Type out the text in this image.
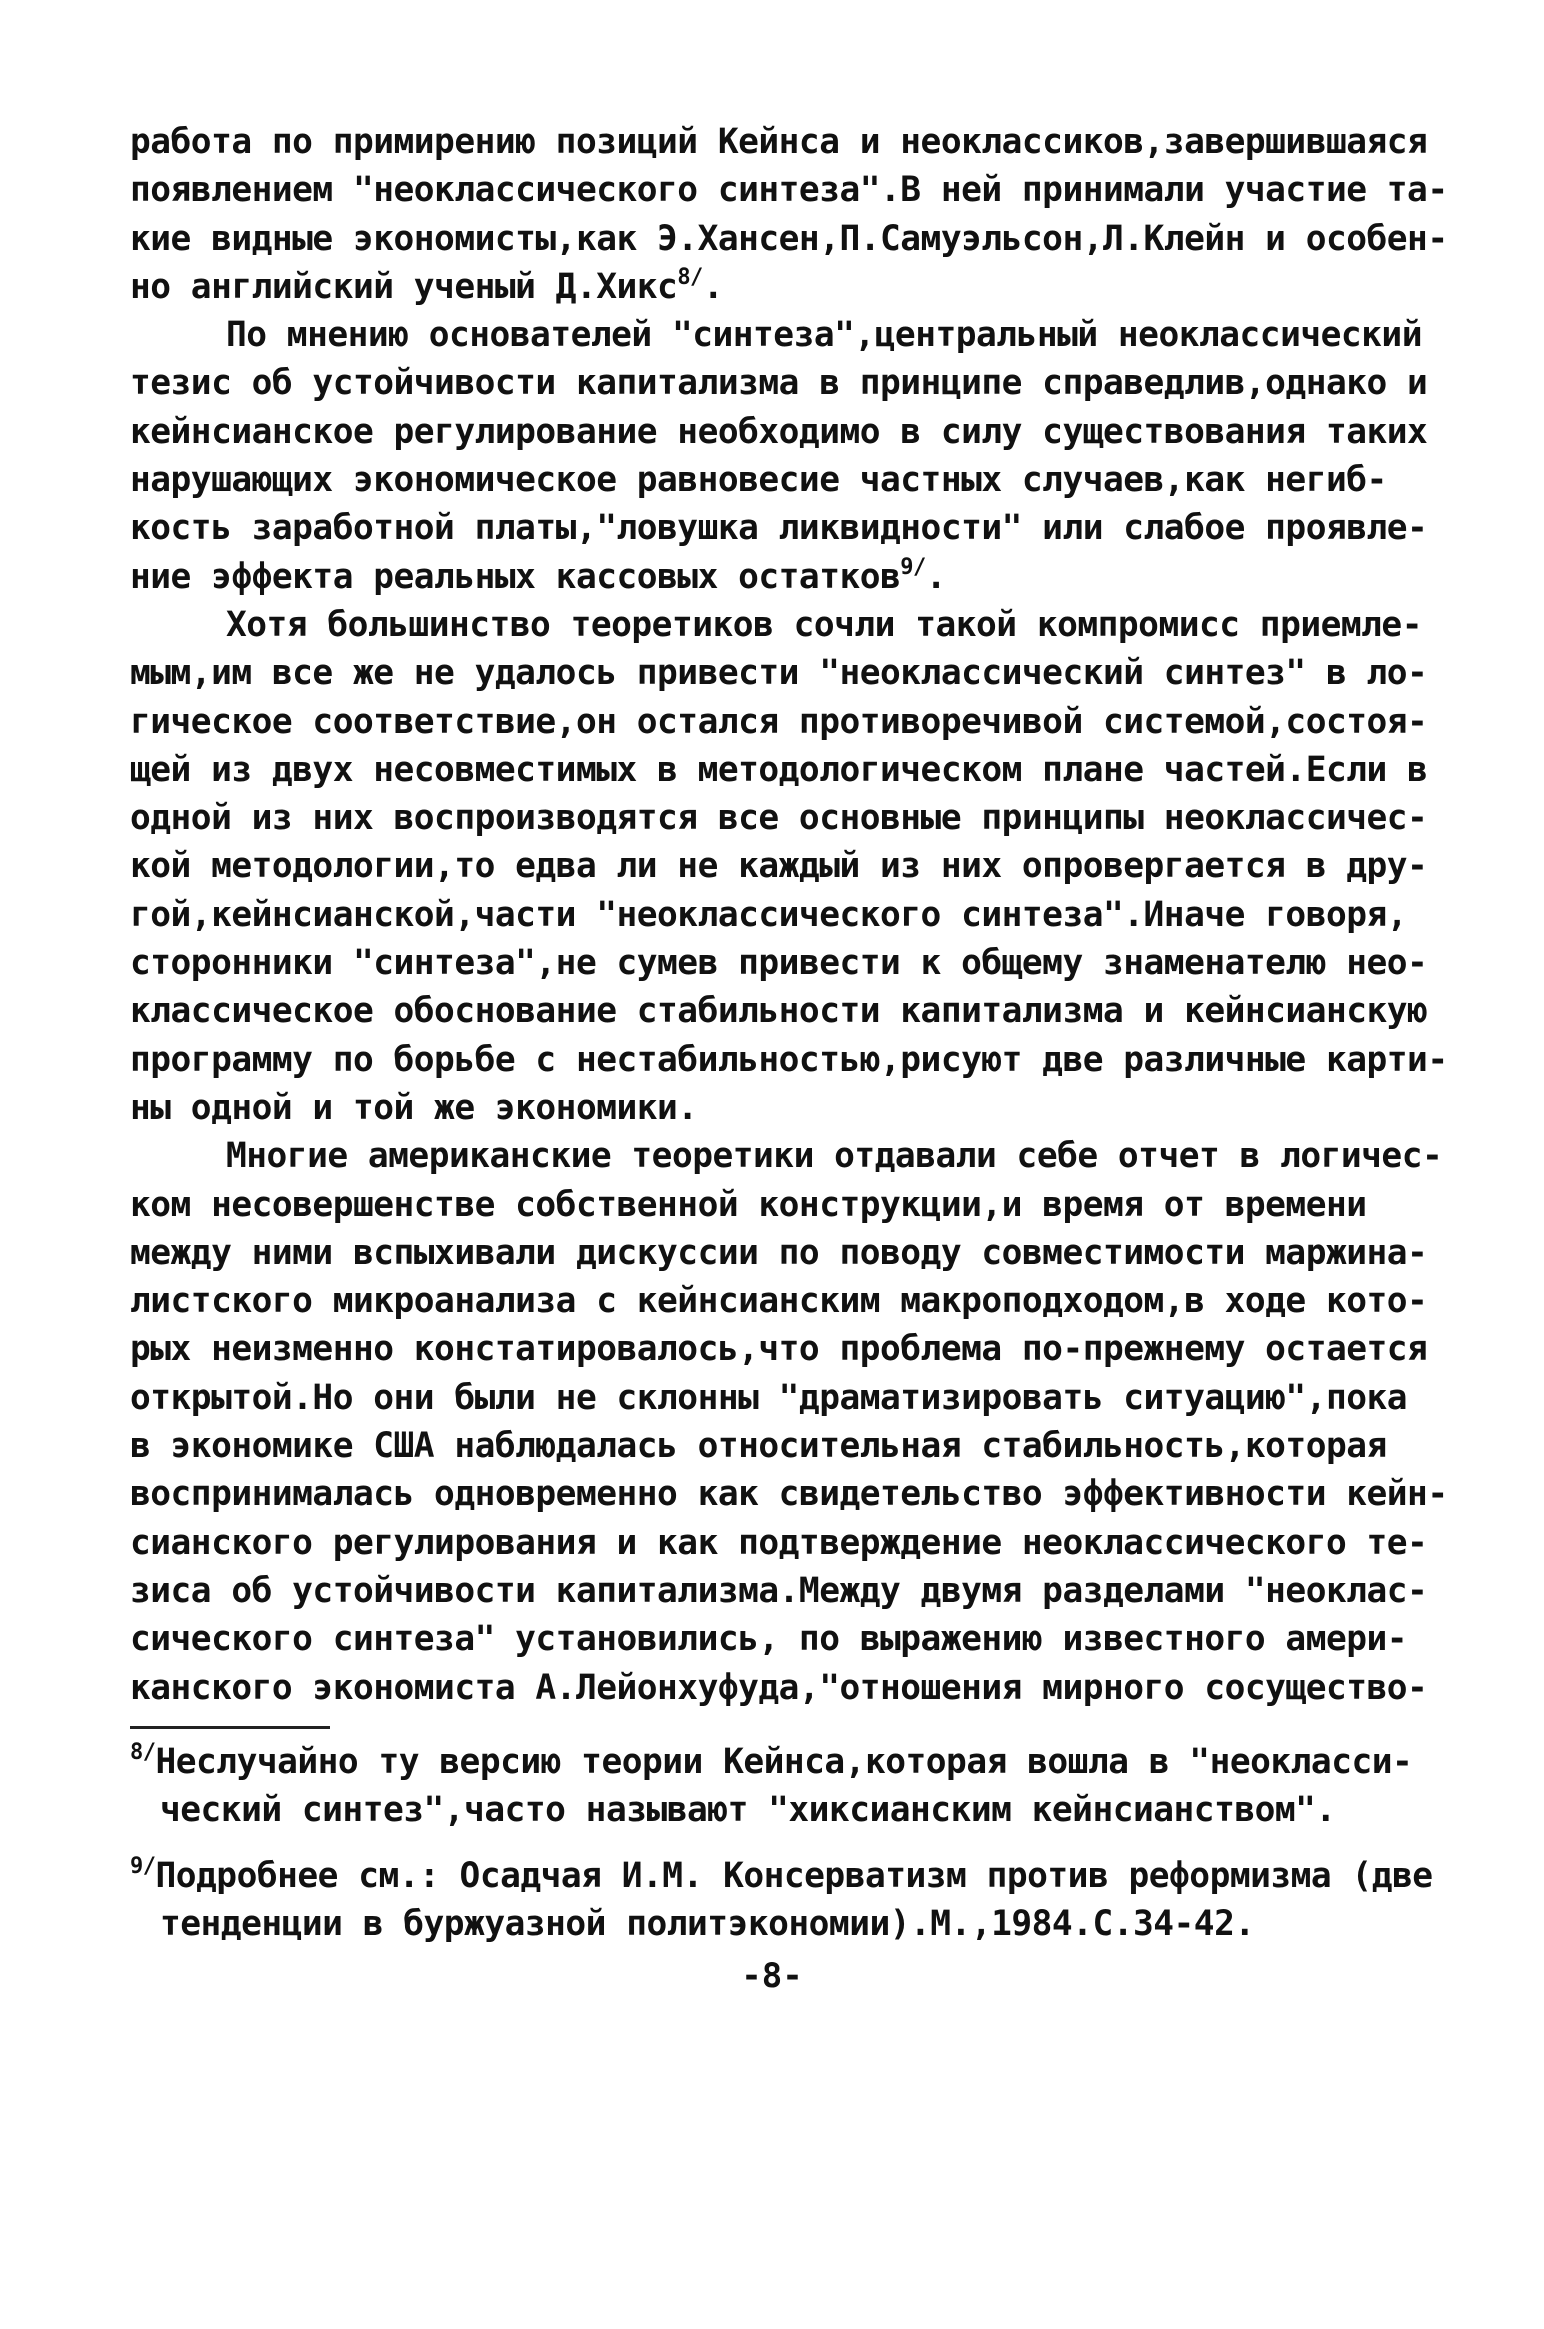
работа по примирению позиций Кейнса и неоклассиков,завершившаяся
появлением "неоклассического синтеза".В ней принимали участие та-
кие видные экономисты,как Э.Хансен,П.Самуэльсон,Л.Клейн и особен-
но английский ученый Д.Хикс$^{8/}$.
По мнению основателей "синтеза",центральный неоклассический
тезис об устойчивости капитализма в принципе справедлив,однако и
кейнсианское регулирование необходимо в силу существования таких
нарушающих экономическое равновесие частных случаев,как негиб-
кость заработной платы,"ловушка ликвидности" или слабое проявле-
ние эффекта реальных кассовых остатков$^{9/}$.
Хотя большинство теоретиков сочли такой компромисс приемле-
мым,им все же не удалось привести "неоклассический синтез" в ло-
гическое соответствие,он остался противоречивой системой,состоя-
щей из двух несовместимых в методологическом плане частей.Если в
одной из них воспроизводятся все основные принципы неоклассичес-
кой методологии,то едва ли не каждый из них опровергается в дру-
гой,кейнсианской,части "неоклассического синтеза".Иначе говоря,
сторонники "синтеза",не сумев привести к общему знаменателю нео-
классическое обоснование стабильности капитализма и кейнсианскую
программу по борьбе с нестабильностью,рисуют две различные карти-
ны одной и той же экономики.
Многие американские теоретики отдавали себе отчет в логичес-
ком несовершенстве собственной конструкции,и время от времени
между ними вспыхивали дискуссии по поводу совместимости маржина-
листского микроанализа с кейнсианским макроподходом,в ходе кото-
рых неизменно констатировалось,что проблема по-прежнему остается
открытой.Но они были не склонны "драматизировать ситуацию",пока
в экономике США наблюдалась относительная стабильность,которая
воспринималась одновременно как свидетельство эффективности кейн-
сианского регулирования и как подтверждение неоклассического те-
зиса об устойчивости капитализма.Между двумя разделами "неоклас-
сического синтеза" установились, по выражению известного амери-
канского экономиста А.Лейонхуфуда,"отношения мирного сосущество-
$^{8/}$Неслучайно ту версию теории Кейнса,которая вошла в "неокласси-
ческий синтез",часто называют "хиксианским кейнсианством".
$^{9/}$Подробнее см.: Осадчая И.М. Консерватизм против реформизма (две
тенденции в буржуазной политэкономии).М.,1984.С.34-42.
-8-
